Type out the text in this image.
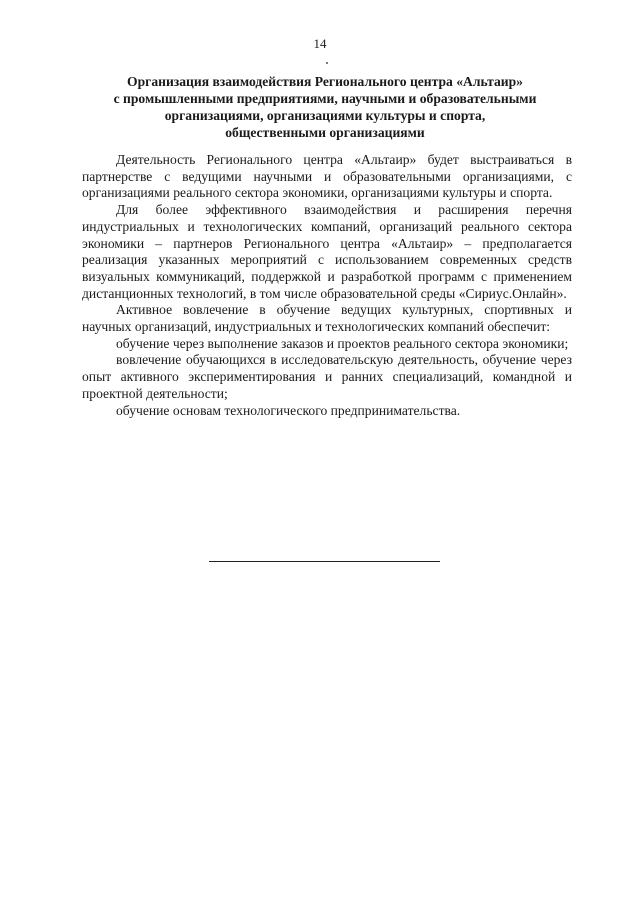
14
Организация взаимодействия Регионального центра «Альтаир»
с промышленными предприятиями, научными и образовательными
организациями, организациями культуры и спорта,
общественными организациями

Деятельность Регионального центра «Альтаир» будет выстраиваться в партнерстве с ведущими научными и образовательными организациями, с организациями реального сектора экономики, организациями культуры и спорта.

Для более эффективного взаимодействия и расширения перечня индустриальных и технологических компаний, организаций реального сектора экономики – партнеров Регионального центра «Альтаир» – предполагается реализация указанных мероприятий с использованием современных средств визуальных коммуникаций, поддержкой и разработкой программ с применением дистанционных технологий, в том числе образовательной среды «Сириус.Онлайн».

Активное вовлечение в обучение ведущих культурных, спортивных и научных организаций, индустриальных и технологических компаний обеспечит:

обучение через выполнение заказов и проектов реального сектора экономики;

вовлечение обучающихся в исследовательскую деятельность, обучение через опыт активного экспериментирования и ранних специализаций, командной и проектной деятельности;

обучение основам технологического предпринимательства.
